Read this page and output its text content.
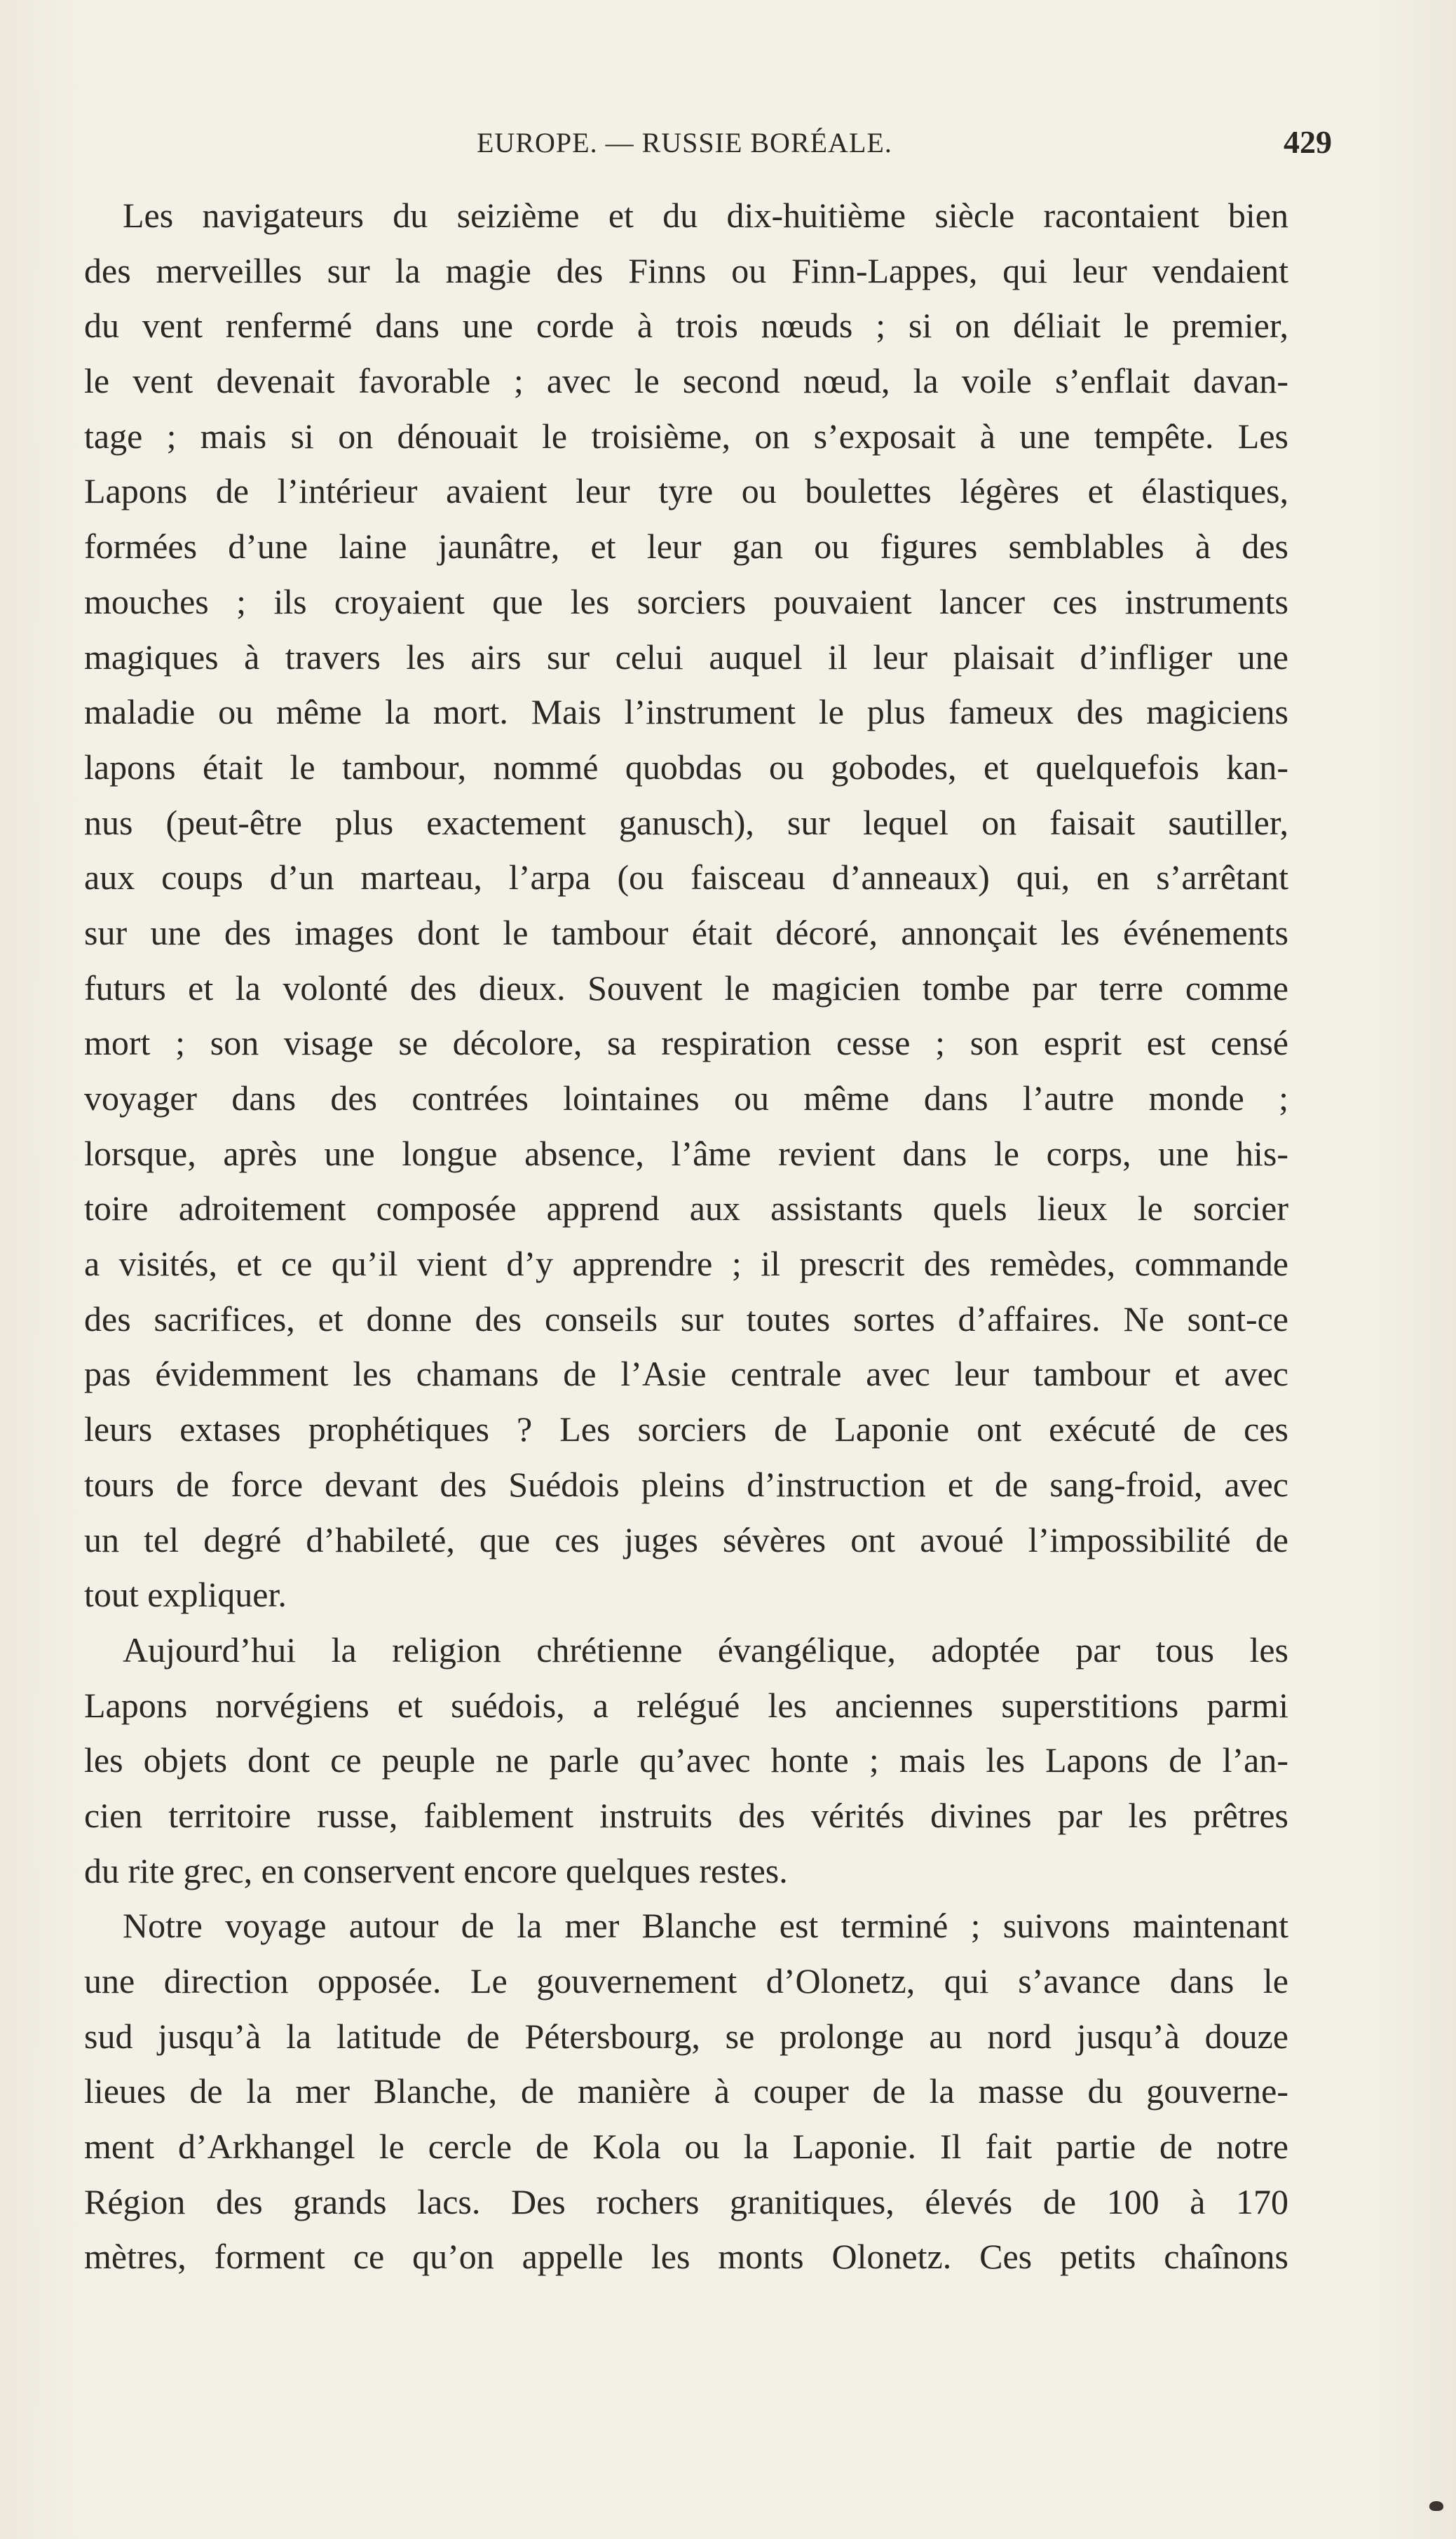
EUROPE. — RUSSIE BORÉALE.	429
Les navigateurs du seizième et du dix-huitième siècle racontaient bien
des merveilles sur la magie des Finns ou Finn-Lappes, qui leur vendaient
du vent renfermé dans une corde à trois nœuds ; si on déliait le premier,
le vent devenait favorable ; avec le second nœud, la voile s’enflait davan-
tage ; mais si on dénouait le troisième, on s’exposait à une tempête. Les
Lapons de l’intérieur avaient leur tyre ou boulettes légères et élastiques,
formées d’une laine jaunâtre, et leur gan ou figures semblables à des
mouches ; ils croyaient que les sorciers pouvaient lancer ces instruments
magiques à travers les airs sur celui auquel il leur plaisait d’infliger une
maladie ou même la mort. Mais l’instrument le plus fameux des magiciens
lapons était le tambour, nommé quobdas ou gobodes, et quelquefois kan-
nus (peut-être plus exactement ganusch), sur lequel on faisait sautiller,
aux coups d’un marteau, l’arpa (ou faisceau d’anneaux) qui, en s’arrêtant
sur une des images dont le tambour était décoré, annonçait les événements
futurs et la volonté des dieux. Souvent le magicien tombe par terre comme
mort ; son visage se décolore, sa respiration cesse ; son esprit est censé
voyager dans des contrées lointaines ou même dans l’autre monde ;
lorsque, après une longue absence, l’âme revient dans le corps, une his-
toire adroitement composée apprend aux assistants quels lieux le sorcier
a visités, et ce qu’il vient d’y apprendre ; il prescrit des remèdes, commande
des sacrifices, et donne des conseils sur toutes sortes d’affaires. Ne sont-ce
pas évidemment les chamans de l’Asie centrale avec leur tambour et avec
leurs extases prophétiques ? Les sorciers de Laponie ont exécuté de ces
tours de force devant des Suédois pleins d’instruction et de sang-froid, avec
un tel degré d’habileté, que ces juges sévères ont avoué l’impossibilité de
tout expliquer.
Aujourd’hui la religion chrétienne évangélique, adoptée par tous les
Lapons norvégiens et suédois, a relégué les anciennes superstitions parmi
les objets dont ce peuple ne parle qu’avec honte ; mais les Lapons de l’an-
cien territoire russe, faiblement instruits des vérités divines par les prêtres
du rite grec, en conservent encore quelques restes.
Notre voyage autour de la mer Blanche est terminé ; suivons maintenant
une direction opposée. Le gouvernement d’Olonetz, qui s’avance dans le
sud jusqu’à la latitude de Pétersbourg, se prolonge au nord jusqu’à douze
lieues de la mer Blanche, de manière à couper de la masse du gouverne-
ment d’Arkhangel le cercle de Kola ou la Laponie. Il fait partie de notre
Région des grands lacs. Des rochers granitiques, élevés de 100 à 170
mètres, forment ce qu’on appelle les monts Olonetz. Ces petits chaînons
